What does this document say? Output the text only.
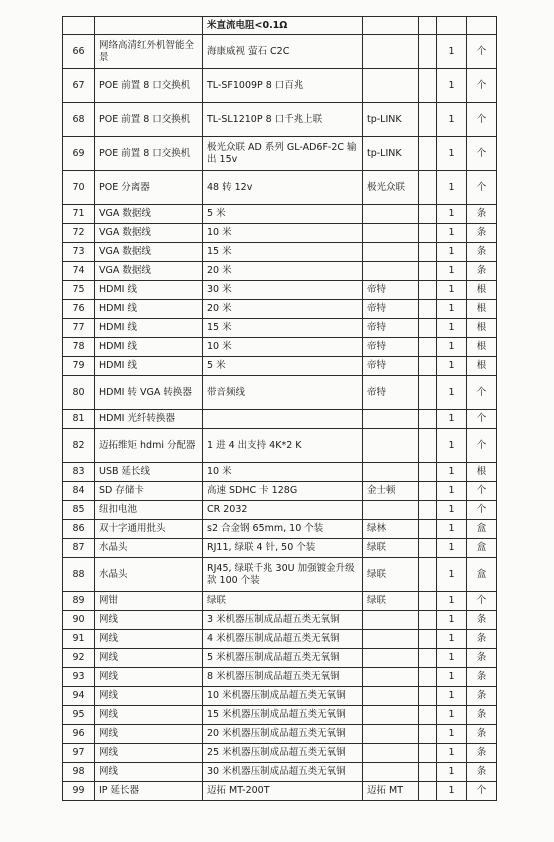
		米直流电阻<0.1Ω				
66	网络高清红外机智能全景	海康威视 萤石 C2C			1	个
67	POE 前置 8 口交换机	TL-SF1009P 8 口百兆			1	个
68	POE 前置 8 口交换机	TL-SL1210P 8 口千兆上联	tp-LINK		1	个
69	POE 前置 8 口交换机	极光众联 AD 系列 GL-AD6F-2C 输出 15v	tp-LINK		1	个
70	POE 分离器	48 转 12v	极光众联		1	个
71	VGA 数据线	5 米			1	条
72	VGA 数据线	10 米			1	条
73	VGA 数据线	15 米			1	条
74	VGA 数据线	20 米			1	条
75	HDMI 线	30 米	帝特		1	根
76	HDMI 线	20 米	帝特		1	根
77	HDMI 线	15 米	帝特		1	根
78	HDMI 线	10 米	帝特		1	根
79	HDMI 线	5 米	帝特		1	根
80	HDMI 转 VGA 转换器	带音频线	帝特		1	个
81	HDMI 光纤转换器				1	个
82	迈拓维矩 hdmi 分配器	1 进 4 出支持 4K*2 K			1	个
83	USB 延长线	10 米			1	根
84	SD 存储卡	高速 SDHC 卡 128G	金士顿		1	个
85	纽扣电池	CR 2032			1	个
86	双十字通用批头	s2 合金钢 65mm, 10 个装	绿林		1	盒
87	水晶头	RJ11, 绿联 4 针, 50 个装	绿联		1	盒
88	水晶头	RJ45, 绿联千兆 30U 加强镀金升级款 100 个装	绿联		1	盒
89	网钳	绿联	绿联		1	个
90	网线	3 米机器压制成品超五类无氧铜			1	条
91	网线	4 米机器压制成品超五类无氧铜			1	条
92	网线	5 米机器压制成品超五类无氧铜			1	条
93	网线	8 米机器压制成品超五类无氧铜			1	条
94	网线	10 米机器压制成品超五类无氧铜			1	条
95	网线	15 米机器压制成品超五类无氧铜			1	条
96	网线	20 米机器压制成品超五类无氧铜			1	条
97	网线	25 米机器压制成品超五类无氧铜			1	条
98	网线	30 米机器压制成品超五类无氧铜			1	条
99	IP 延长器	迈拓 MT-200T	迈拓 MT		1	个
